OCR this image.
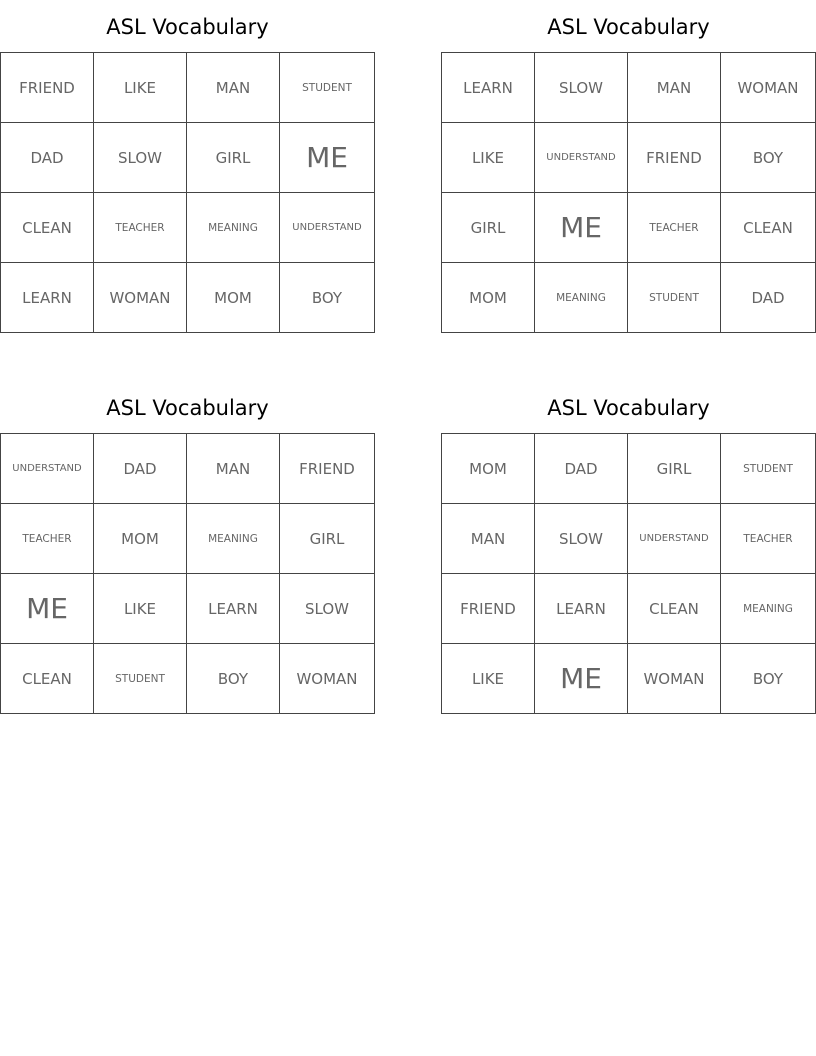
ASL Vocabulary
FRIEND	LIKE	MAN	STUDENT
DAD	SLOW	GIRL	ME
CLEAN	TEACHER	MEANING	UNDERSTAND
LEARN	WOMAN	MOM	BOY
ASL Vocabulary
LEARN	SLOW	MAN	WOMAN
LIKE	UNDERSTAND	FRIEND	BOY
GIRL	ME	TEACHER	CLEAN
MOM	MEANING	STUDENT	DAD
ASL Vocabulary
UNDERSTAND	DAD	MAN	FRIEND
TEACHER	MOM	MEANING	GIRL
ME	LIKE	LEARN	SLOW
CLEAN	STUDENT	BOY	WOMAN
ASL Vocabulary
MOM	DAD	GIRL	STUDENT
MAN	SLOW	UNDERSTAND	TEACHER
FRIEND	LEARN	CLEAN	MEANING
LIKE	ME	WOMAN	BOY
